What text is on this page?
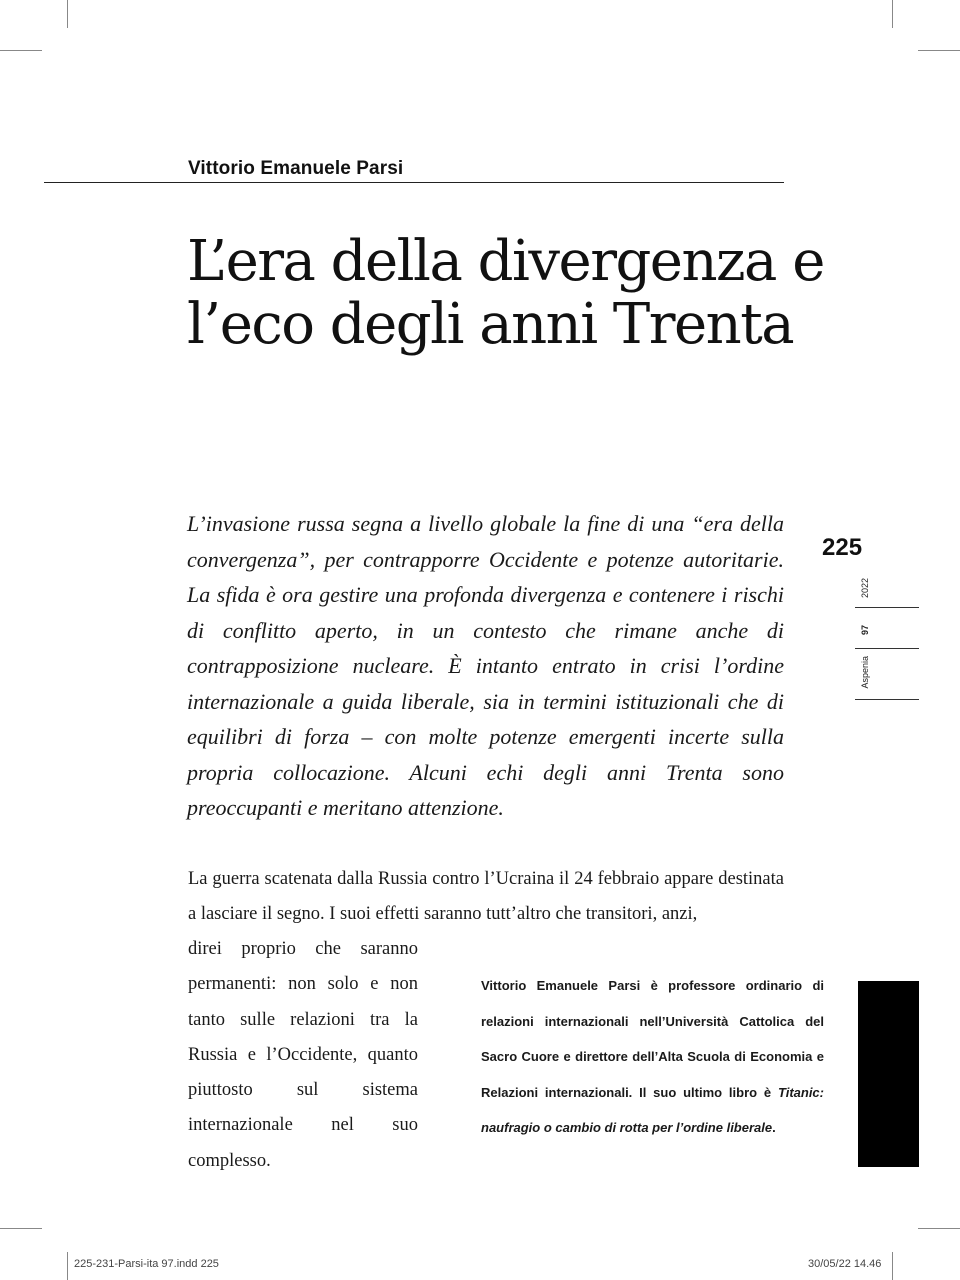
Vittorio Emanuele Parsi
L’era della divergenza e
l’eco degli anni Trenta

L’invasione russa segna a livello globale la fine di una “era della convergenza”, per contrapporre Occidente e potenze autoritarie. La sfida è ora gestire una profonda divergenza e contenere i rischi di conflitto aperto, in un contesto che rimane anche di contrapposizione nucleare. È intanto entrato in crisi l’ordine internazionale a guida liberale, sia in termini istituzionali che di equilibri di forza – con molte potenze emergenti incerte sulla propria collocazione. Alcuni echi degli anni Trenta sono preoccupanti e meritano attenzione.

225
2022
97
Aspenia

La guerra scatenata dalla Russia contro l’Ucraina il 24 febbraio appare destinata a lasciare il segno. I suoi effetti saranno tutt’altro che transitori, anzi,

direi proprio che saranno permanenti: non solo e non tanto sulle relazioni tra la Russia e l’Occidente, quanto piuttosto sul sistema internazionale nel suo complesso.

Vittorio Emanuele Parsi è professore ordinario di relazioni internazionali nell’Università Cattolica del Sacro Cuore e direttore dell’Alta Scuola di Economia e Relazioni internazionali. Il suo ultimo libro è Titanic: naufragio o cambio di rotta per l’ordine liberale.

225-231-Parsi-ita 97.indd 225	30/05/22 14.46
